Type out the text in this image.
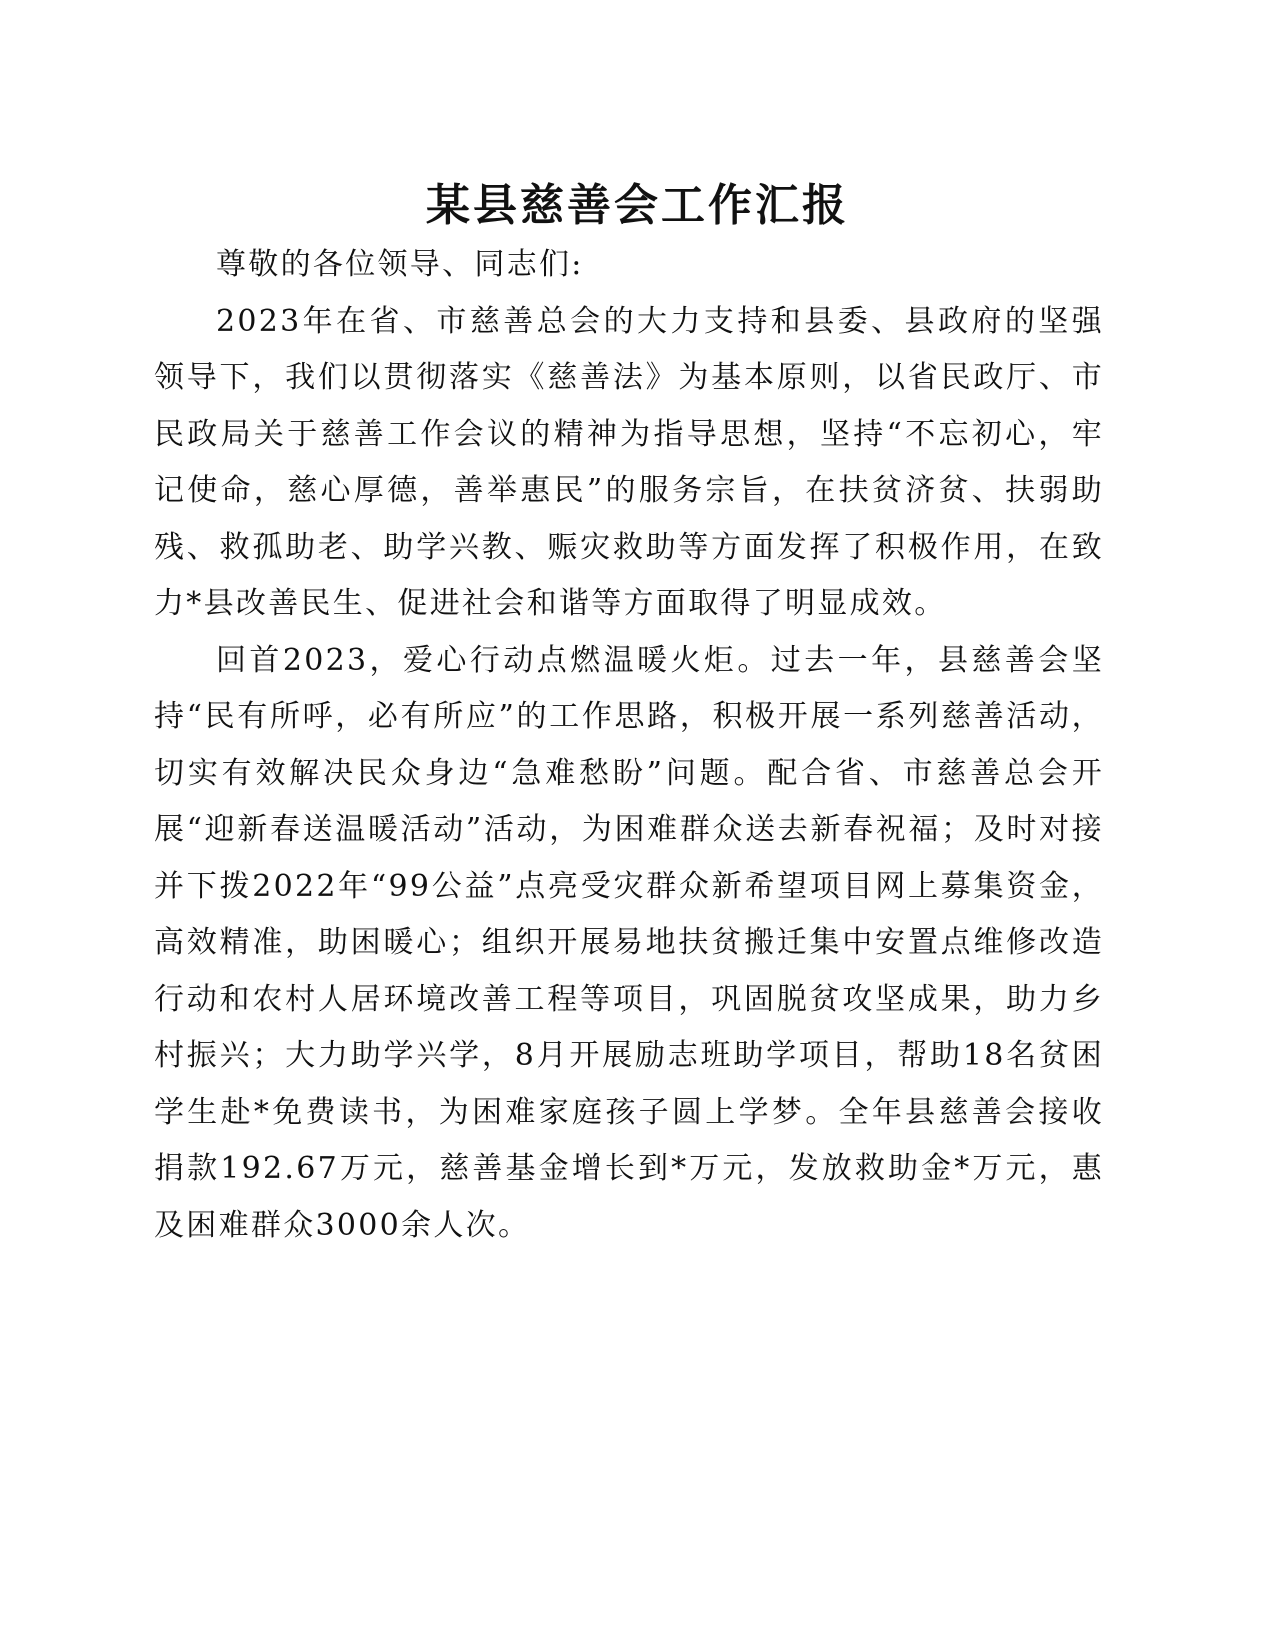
某县慈善会工作汇报

尊敬的各位领导、同志们:

2023年在省、市慈善总会的大力支持和县委、县政府的坚强领导下，我们以贯彻落实《慈善法》为基本原则，以省民政厅、市民政局关于慈善工作会议的精神为指导思想，坚持“不忘初心，牢记使命，慈心厚德，善举惠民”的服务宗旨，在扶贫济贫、扶弱助残、救孤助老、助学兴教、赈灾救助等方面发挥了积极作用，在致力*县改善民生、促进社会和谐等方面取得了明显成效。

回首2023，爱心行动点燃温暖火炬。过去一年，县慈善会坚持“民有所呼，必有所应”的工作思路，积极开展一系列慈善活动，切实有效解决民众身边“急难愁盼”问题。配合省、市慈善总会开展“迎新春送温暖活动”活动，为困难群众送去新春祝福；及时对接并下拨2022年“99公益”点亮受灾群众新希望项目网上募集资金，高效精准，助困暖心；组织开展易地扶贫搬迁集中安置点维修改造行动和农村人居环境改善工程等项目，巩固脱贫攻坚成果，助力乡村振兴；大力助学兴学，8月开展励志班助学项目，帮助18名贫困学生赴*免费读书，为困难家庭孩子圆上学梦。全年县慈善会接收捐款192.67万元，慈善基金增长到*万元，发放救助金*万元，惠及困难群众3000余人次。
